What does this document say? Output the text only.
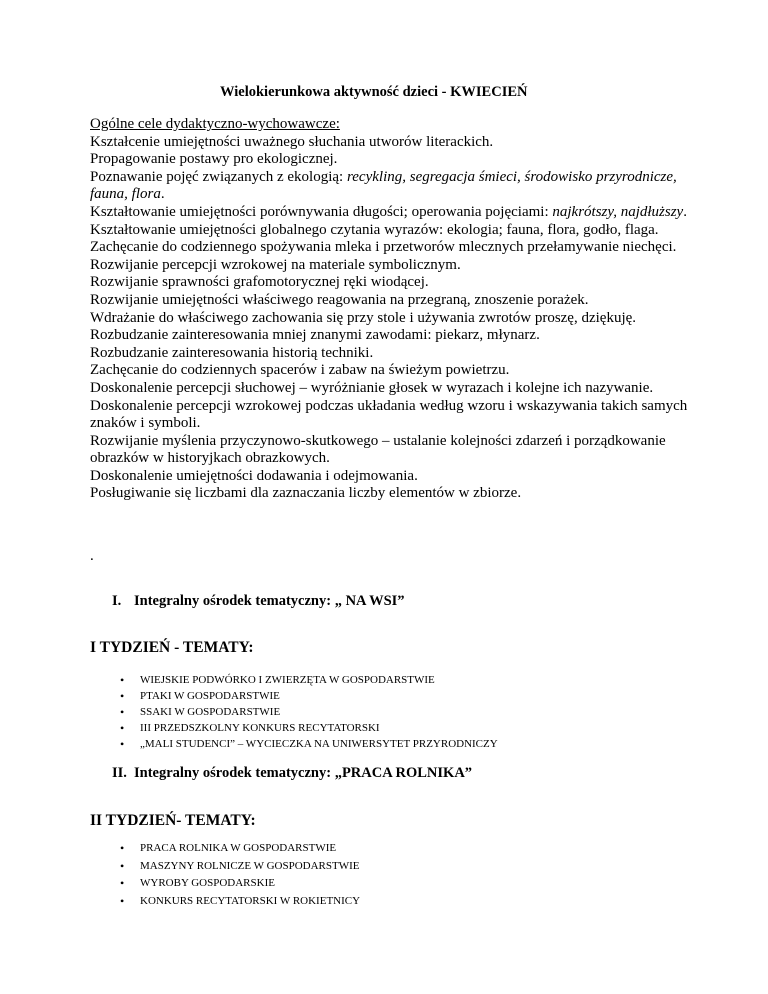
Wielokierunkowa aktywność dzieci - KWIECIEŃ
Ogólne cele dydaktyczno-wychowawcze:

Kształcenie umiejętności uważnego słuchania utworów literackich.

Propagowanie postawy pro ekologicznej.

Poznawanie pojęć związanych z ekologią: recykling, segregacja śmieci, środowisko przyrodnicze, fauna, flora.

Kształtowanie umiejętności porównywania długości; operowania pojęciami: najkrótszy, najdłuższy.

Kształtowanie umiejętności globalnego czytania wyrazów: ekologia; fauna, flora, godło, flaga.

Zachęcanie do codziennego spożywania mleka i przetworów mlecznych przełamywanie niechęci.

Rozwijanie percepcji wzrokowej na materiale symbolicznym.

Rozwijanie sprawności grafomotorycznej ręki wiodącej.

Rozwijanie umiejętności właściwego reagowania na przegraną, znoszenie porażek.

Wdrażanie do właściwego zachowania się przy stole i używania zwrotów proszę, dziękuję.

Rozbudzanie zainteresowania mniej znanymi zawodami: piekarz, młynarz.

Rozbudzanie zainteresowania historią techniki.

Zachęcanie do codziennych spacerów i zabaw na świeżym powietrzu.

Doskonalenie percepcji słuchowej – wyróżnianie głosek w wyrazach i kolejne ich nazywanie.

Doskonalenie percepcji wzrokowej podczas układania według wzoru i wskazywania takich samych znaków i symboli.

Rozwijanie myślenia przyczynowo-skutkowego – ustalanie kolejności zdarzeń i porządkowanie obrazków w historyjkach obrazkowych.

Doskonalenie umiejętności dodawania i odejmowania.

Posługiwanie się liczbami dla zaznaczania liczby elementów w zbiorze.

.
I. Integralny ośrodek tematyczny: „ NA WSI”
I TYDZIEŃ - TEMATY:
• WIEJSKIE PODWÓRKO I ZWIERZĘTA W GOSPODARSTWIE
• PTAKI W GOSPODARSTWIE
• SSAKI W GOSPODARSTWIE
• III PRZEDSZKOLNY KONKURS RECYTATORSKI
• „MALI STUDENCI” – WYCIECZKA NA UNIWERSYTET PRZYRODNICZY
II. Integralny ośrodek tematyczny: „PRACA ROLNIKA”
II TYDZIEŃ- TEMATY:
• PRACA ROLNIKA W GOSPODARSTWIE
• MASZYNY ROLNICZE W GOSPODARSTWIE
• WYROBY GOSPODARSKIE
• KONKURS RECYTATORSKI W ROKIETNICY
